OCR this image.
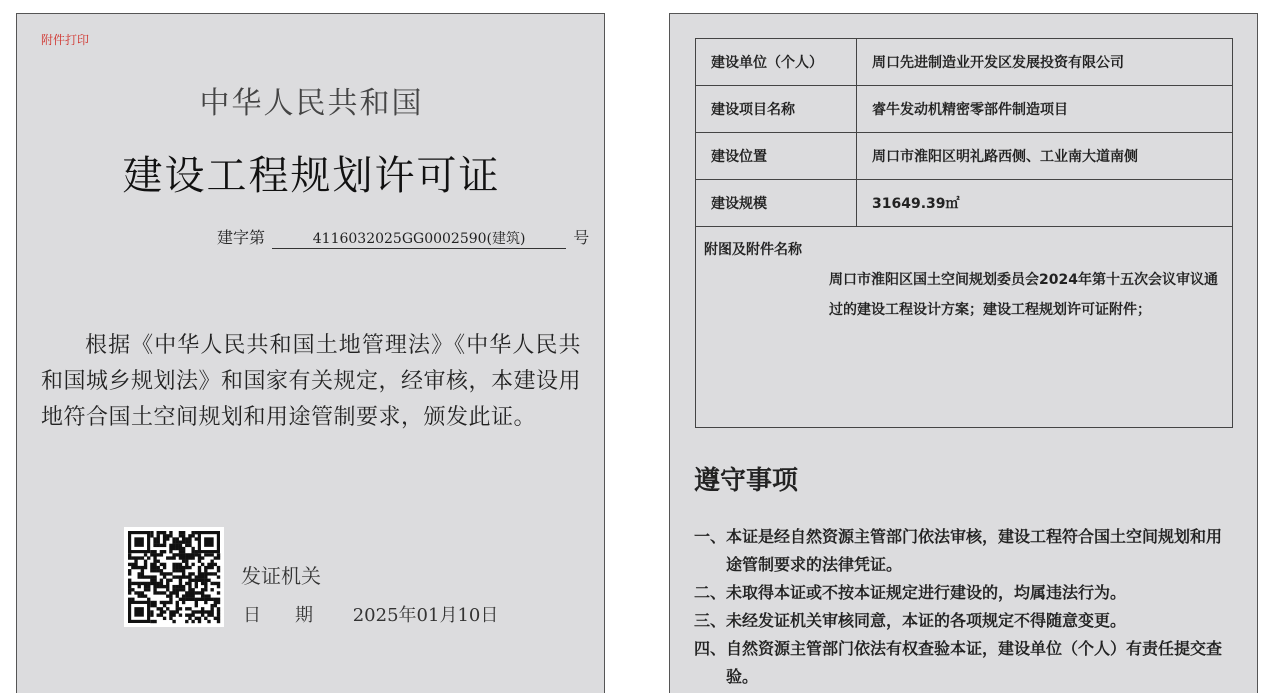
附件打印
中华人民共和国
建设工程规划许可证
建字第	4116032025GG0002590(建筑)	号
根据《中华人民共和国土地管理法》《中华人民共和国城乡规划法》和国家有关规定，经审核，本建设用地符合国土空间规划和用途管制要求，颁发此证。
发证机关
日期 2025年01月10日
建设单位（个人）	周口先进制造业开发区发展投资有限公司
建设项目名称	睿牛发动机精密零部件制造项目
建设位置	周口市淮阳区明礼路西侧、工业南大道南侧
建设规模	31649.39㎡
附图及附件名称
周口市淮阳区国土空间规划委员会2024年第十五次会议审议通过的建设工程设计方案；建设工程规划许可证附件；
遵守事项
一、本证是经自然资源主管部门依法审核，建设工程符合国土空间规划和用途管制要求的法律凭证。
二、未取得本证或不按本证规定进行建设的，均属违法行为。
三、未经发证机关审核同意，本证的各项规定不得随意变更。
四、自然资源主管部门依法有权查验本证，建设单位（个人）有责任提交查验。
